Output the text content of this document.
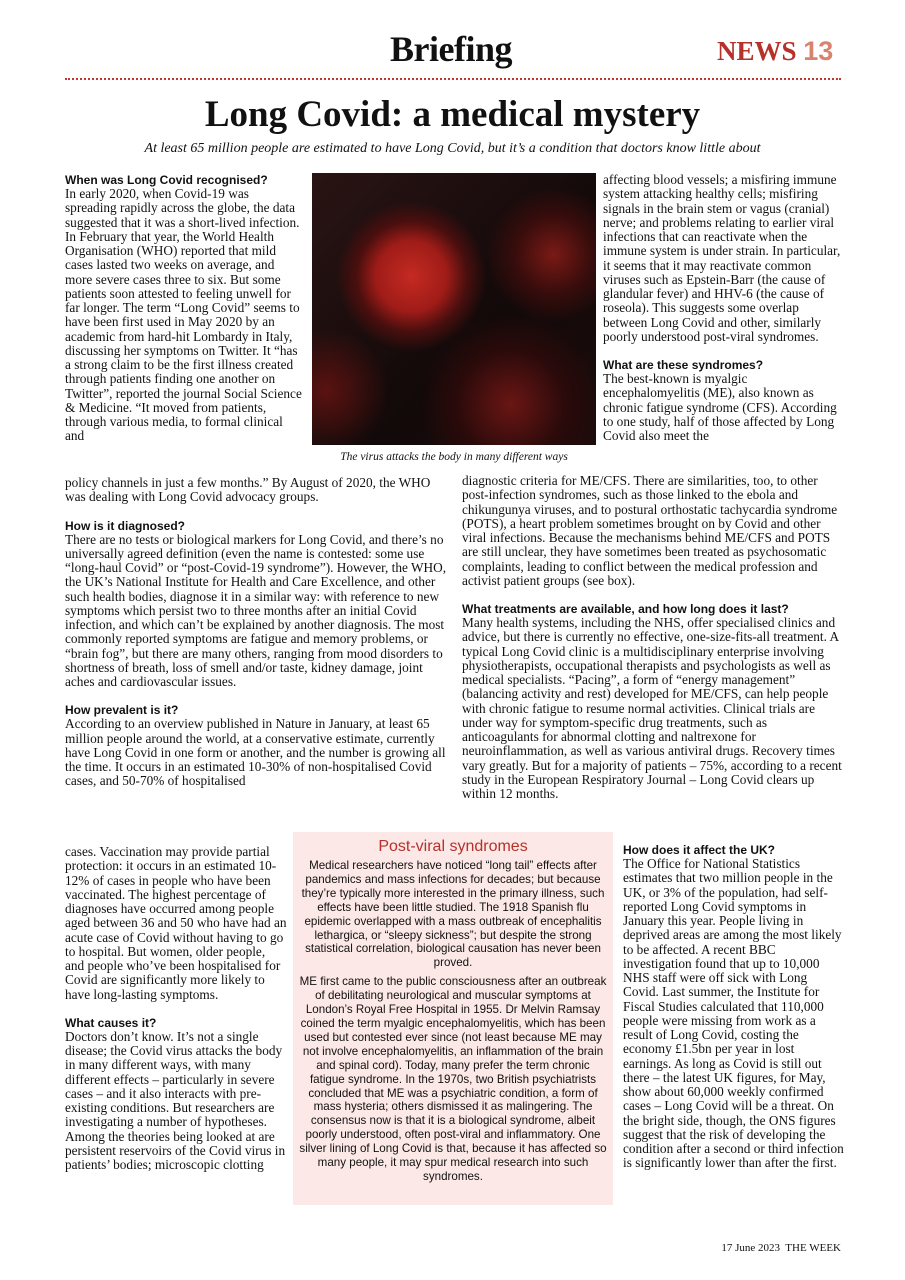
Briefing	NEWS 13
Long Covid: a medical mystery
At least 65 million people are estimated to have Long Covid, but it’s a condition that doctors know little about
When was Long Covid recognised?

In early 2020, when Covid-19 was spreading rapidly across the globe, the data suggested that it was a short-lived infection. In February that year, the World Health Organisation (WHO) reported that mild cases lasted two weeks on average, and more severe cases three to six. But some patients soon attested to feeling unwell for far longer. The term “Long Covid” seems to have been first used in May 2020 by an academic from hard-hit Lombardy in Italy, discussing her symptoms on Twitter. It “has a strong claim to be the first illness created through patients finding one another on Twitter”, reported the journal Social Science & Medicine. “It moved from patients, through various media, to formal clinical and

policy channels in just a few months.” By August of 2020, the WHO was dealing with Long Covid advocacy groups.

How is it diagnosed?

There are no tests or biological markers for Long Covid, and there’s no universally agreed definition (even the name is contested: some use “long-haul Covid” or “post-Covid-19 syndrome”). However, the WHO, the UK’s National Institute for Health and Care Excellence, and other such health bodies, diagnose it in a similar way: with reference to new symptoms which persist two to three months after an initial Covid infection, and which can’t be explained by another diagnosis. The most commonly reported symptoms are fatigue and memory problems, or “brain fog”, but there are many others, ranging from mood disorders to shortness of breath, loss of smell and/or taste, kidney damage, joint aches and cardiovascular issues.

How prevalent is it?

According to an overview published in Nature in January, at least 65 million people around the world, at a conservative estimate, currently have Long Covid in one form or another, and the number is growing all the time. It occurs in an estimated 10-30% of non-hospitalised Covid cases, and 50-70% of hospitalised

cases. Vaccination may provide partial protection: it occurs in an estimated 10-12% of cases in people who have been vaccinated. The highest percentage of diagnoses have occurred among people aged between 36 and 50 who have had an acute case of Covid without having to go to hospital. But women, older people, and people who’ve been hospitalised for Covid are significantly more likely to have long-lasting symptoms.

What causes it?

Doctors don’t know. It’s not a single disease; the Covid virus attacks the body in many different ways, with many different effects – particularly in severe cases – and it also interacts with pre-existing conditions. But researchers are investigating a number of hypotheses. Among the theories being looked at are persistent reservoirs of the Covid virus in patients’ bodies; microscopic clotting

The virus attacks the body in many different ways

affecting blood vessels; a misfiring immune system attacking healthy cells; misfiring signals in the brain stem or vagus (cranial) nerve; and problems relating to earlier viral infections that can reactivate when the immune system is under strain. In particular, it seems that it may reactivate common viruses such as Epstein-Barr (the cause of glandular fever) and HHV-6 (the cause of roseola). This suggests some overlap between Long Covid and other, similarly poorly understood post-viral syndromes.

What are these syndromes?

The best-known is myalgic encephalomyelitis (ME), also known as chronic fatigue syndrome (CFS). According to one study, half of those affected by Long Covid also meet the

diagnostic criteria for ME/CFS. There are similarities, too, to other post-infection syndromes, such as those linked to the ebola and chikungunya viruses, and to postural orthostatic tachycardia syndrome (POTS), a heart problem sometimes brought on by Covid and other viral infections. Because the mechanisms behind ME/CFS and POTS are still unclear, they have sometimes been treated as psychosomatic complaints, leading to conflict between the medical profession and activist patient groups (see box).

What treatments are available, and how long does it last?

Many health systems, including the NHS, offer specialised clinics and advice, but there is currently no effective, one-size-fits-all treatment. A typical Long Covid clinic is a multidisciplinary enterprise involving physiotherapists, occupational therapists and psychologists as well as medical specialists. “Pacing”, a form of “energy management” (balancing activity and rest) developed for ME/CFS, can help people with chronic fatigue to resume normal activities. Clinical trials are under way for symptom-specific drug treatments, such as anticoagulants for abnormal clotting and naltrexone for neuroinflammation, as well as various antiviral drugs. Recovery times vary greatly. But for a majority of patients – 75%, according to a recent study in the European Respiratory Journal – Long Covid clears up within 12 months.

How does it affect the UK?

The Office for National Statistics estimates that two million people in the UK, or 3% of the population, had self-reported Long Covid symptoms in January this year. People living in deprived areas are among the most likely to be affected. A recent BBC investigation found that up to 10,000 NHS staff were off sick with Long Covid. Last summer, the Institute for Fiscal Studies calculated that 110,000 people were missing from work as a result of Long Covid, costing the economy £1.5bn per year in lost earnings. As long as Covid is still out there – the latest UK figures, for May, show about 60,000 weekly confirmed cases – Long Covid will be a threat. On the bright side, though, the ONS figures suggest that the risk of developing the condition after a second or third infection is significantly lower than after the first.

Post-viral syndromes

Medical researchers have noticed “long tail” effects after pandemics and mass infections for decades; but because they’re typically more interested in the primary illness, such effects have been little studied. The 1918 Spanish flu epidemic overlapped with a mass outbreak of encephalitis lethargica, or “sleepy sickness”; but despite the strong statistical correlation, biological causation has never been proved.

ME first came to the public consciousness after an outbreak of debilitating neurological and muscular symptoms at London’s Royal Free Hospital in 1955. Dr Melvin Ramsay coined the term myalgic encephalomyelitis, which has been used but contested ever since (not least because ME may not involve encephalomyelitis, an inflammation of the brain and spinal cord). Today, many prefer the term chronic fatigue syndrome. In the 1970s, two British psychiatrists concluded that ME was a psychiatric condition, a form of mass hysteria; others dismissed it as malingering. The consensus now is that it is a biological syndrome, albeit poorly understood, often post-viral and inflammatory. One silver lining of Long Covid is that, because it has affected so many people, it may spur medical research into such syndromes.

17 June 2023 THE WEEK
